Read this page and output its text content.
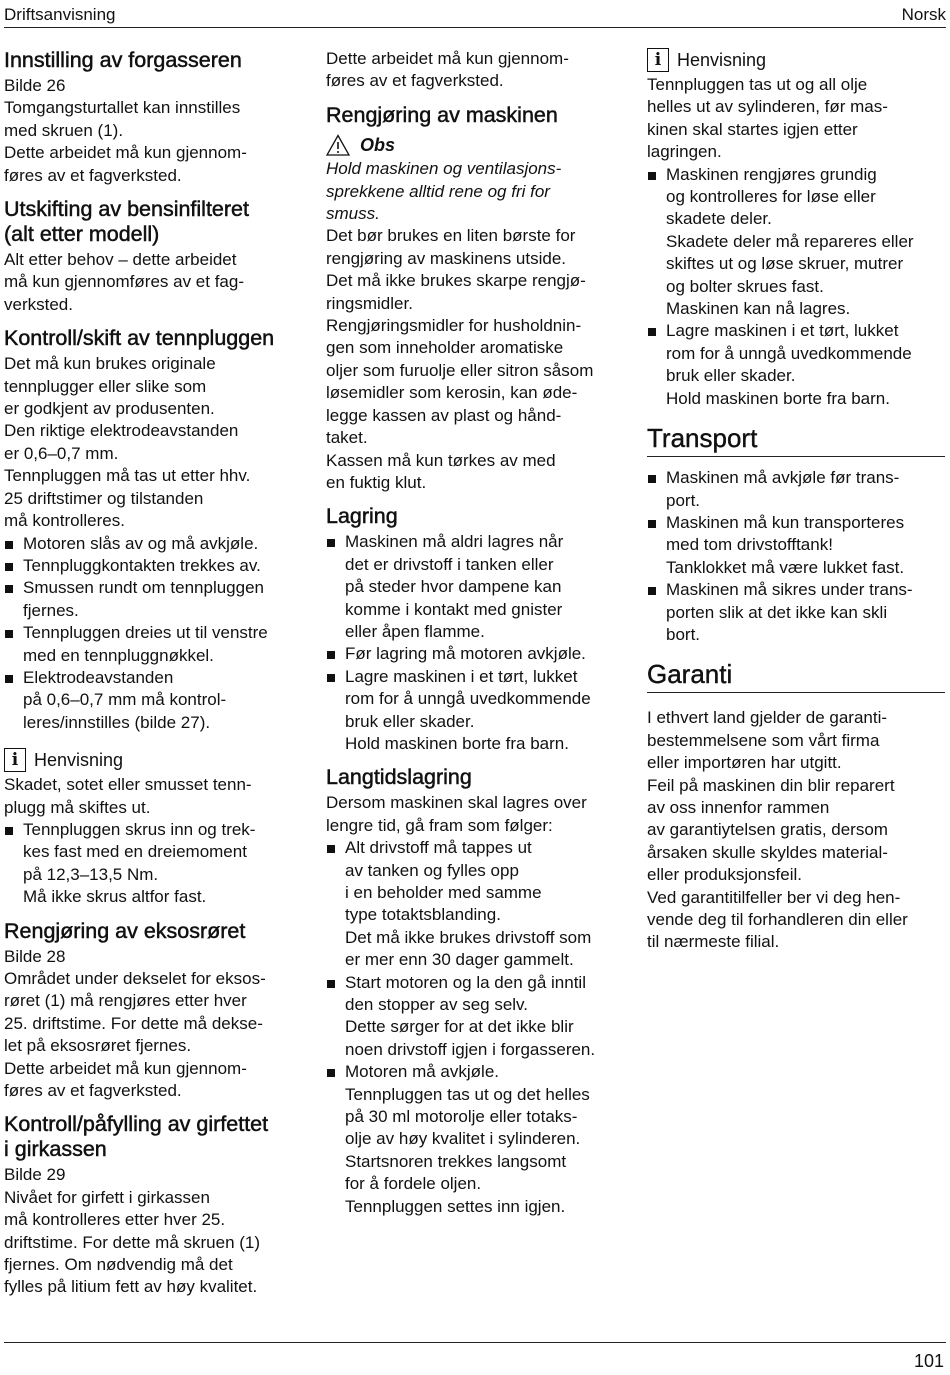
Driftsanvisning	Norsk
Innstilling av forgasseren

Bilde 26

Tomgangsturtallet kan innstilles
med skruen (1).

Dette arbeidet må kun gjennom-
føres av et fagverksted.

Utskifting av bensinfilteret
(alt etter modell)

Alt etter behov – dette arbeidet
må kun gjennomføres av et fag-
verksted.

Kontroll/skift av tennpluggen

Det må kun brukes originale
tennplugger eller slike som
er godkjent av produsenten.

Den riktige elektrodeavstanden
er 0,6–0,7 mm.

Tennpluggen må tas ut etter hhv.
25 driftstimer og tilstanden
må kontrolleres.

Motoren slås av og må avkjøle.
Tennpluggkontakten trekkes av.
Smussen rundt om tennpluggen
fjernes.
Tennpluggen dreies ut til venstre
med en tennpluggnøkkel.
Elektrodeavstanden
på 0,6–0,7 mm må kontrol-
leres/innstilles (bilde 27).
i Henvisning

Skadet, sotet eller smusset tenn-
plugg må skiftes ut.

Tennpluggen skrus inn og trek-
kes fast med en dreiemoment
på 12,3–13,5 Nm.
Må ikke skrus altfor fast.
Rengjøring av eksosrøret

Bilde 28

Området under dekselet for eksos-
røret (1) må rengjøres etter hver
25. driftstime. For dette må dekse-
let på eksosrøret fjernes.

Dette arbeidet må kun gjennom-
føres av et fagverksted.

Kontroll/påfylling av girfettet
i girkassen

Bilde 29

Nivået for girfett i girkassen
må kontrolleres etter hver 25.
driftstime. For dette må skruen (1)
fjernes. Om nødvendig må det
fylles på litium fett av høy kvalitet.

Dette arbeidet må kun gjennom-
føres av et fagverksted.

Rengjøring av maskinen
Obs

Hold maskinen og ventilasjons-
sprekkene alltid rene og fri for
smuss.

Det bør brukes en liten børste for
rengjøring av maskinens utside.

Det må ikke brukes skarpe rengjø-
ringsmidler.

Rengjøringsmidler for husholdnin-
gen som inneholder aromatiske
oljer som furuolje eller sitron såsom
løsemidler som kerosin, kan øde-
legge kassen av plast og hånd-
taket.

Kassen må kun tørkes av med
en fuktig klut.

Lagring
Maskinen må aldri lagres når
det er drivstoff i tanken eller
på steder hvor dampene kan
komme i kontakt med gnister
eller åpen flamme.
Før lagring må motoren avkjøle.
Lagre maskinen i et tørt, lukket
rom for å unngå uvedkommende
bruk eller skader.
Hold maskinen borte fra barn.
Langtidslagring

Dersom maskinen skal lagres over
lengre tid, gå fram som følger:

Alt drivstoff må tappes ut
av tanken og fylles opp
i en beholder med samme
type totaktsblanding.
Det må ikke brukes drivstoff som
er mer enn 30 dager gammelt.
Start motoren og la den gå inntil
den stopper av seg selv.
Dette sørger for at det ikke blir
noen drivstoff igjen i forgasseren.
Motoren må avkjøle.
Tennpluggen tas ut og det helles
på 30 ml motorolje eller totaks-
olje av høy kvalitet i sylinderen.
Startsnoren trekkes langsomt
for å fordele oljen.
Tennpluggen settes inn igjen.
i Henvisning

Tennpluggen tas ut og all olje
helles ut av sylinderen, før mas-
kinen skal startes igjen etter
lagringen.

Maskinen rengjøres grundig
og kontrolleres for løse eller
skadete deler.
Skadete deler må repareres eller
skiftes ut og løse skruer, mutrer
og bolter skrues fast.
Maskinen kan nå lagres.
Lagre maskinen i et tørt, lukket
rom for å unngå uvedkommende
bruk eller skader.
Hold maskinen borte fra barn.
Transport
Maskinen må avkjøle før trans-
port.
Maskinen må kun transporteres
med tom drivstofftank!
Tanklokket må være lukket fast.
Maskinen må sikres under trans-
porten slik at det ikke kan skli
bort.
Garanti

I ethvert land gjelder de garanti-
bestemmelsene som vårt firma
eller importøren har utgitt.

Feil på maskinen din blir reparert
av oss innenfor rammen
av garantiytelsen gratis, dersom
årsaken skulle skyldes material-
eller produksjonsfeil.

Ved garantitilfeller ber vi deg hen-
vende deg til forhandleren din eller
til nærmeste filial.

101
